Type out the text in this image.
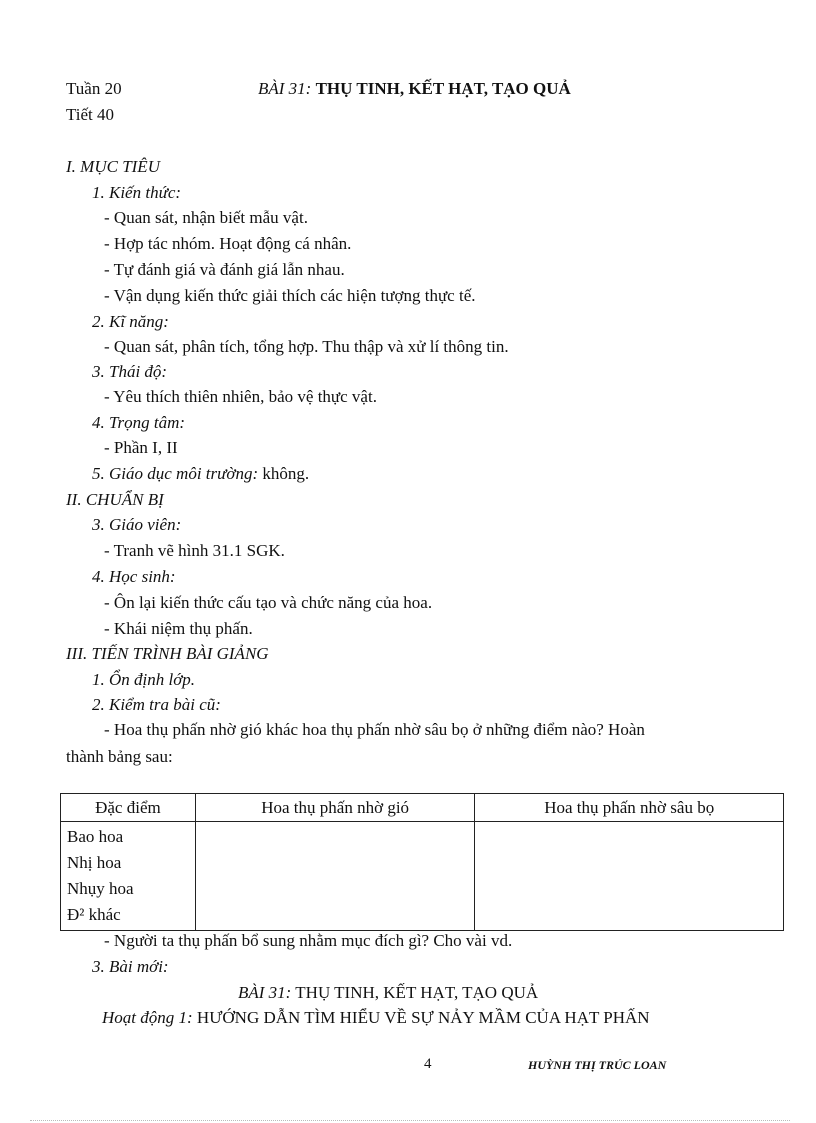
Tuần 20
Tiết 40
BÀI 31: THỤ TINH, KẾT HẠT, TẠO QUẢ
I. MỤC TIÊU
1. Kiến thức:
- Quan sát, nhận biết mẫu vật.
- Hợp tác nhóm. Hoạt động cá nhân.
- Tự đánh giá và đánh giá lẫn nhau.
- Vận dụng kiến thức giải thích các hiện tượng thực tế.
2. Kĩ năng:
- Quan sát, phân tích, tổng hợp. Thu thập và xử lí thông tin.
3. Thái độ:
- Yêu thích thiên nhiên, bảo vệ thực vật.
4. Trọng tâm:
- Phần I, II
5. Giáo dục môi trường: không.
II. CHUẨN BỊ
3. Giáo viên:
- Tranh vẽ hình 31.1 SGK.
4. Học sinh:
- Ôn lại kiến thức cấu tạo và chức năng của hoa.
- Khái niệm thụ phấn.
III. TIẾN TRÌNH BÀI GIẢNG
1. Ổn định lớp.
2. Kiểm tra bài cũ:
- Hoa thụ phấn nhờ gió khác hoa thụ phấn nhờ sâu bọ ở những điểm nào? Hoàn
thành bảng sau:
Đặc điểm	Hoa thụ phấn nhờ gió	Hoa thụ phấn nhờ sâu bọ

Bao hoa
Nhị hoa
Nhụy hoa
Đ² khác		

- Người ta thụ phấn bổ sung nhằm mục đích gì? Cho vài vd.
3. Bài mới:
BÀI 31: THỤ TINH, KẾT HẠT, TẠO QUẢ
Hoạt động 1: HƯỚNG DẪN TÌM HIỂU VỀ SỰ NẢY MẦM CỦA HẠT PHẤN
4	HUỲNH THỊ TRÚC LOAN
